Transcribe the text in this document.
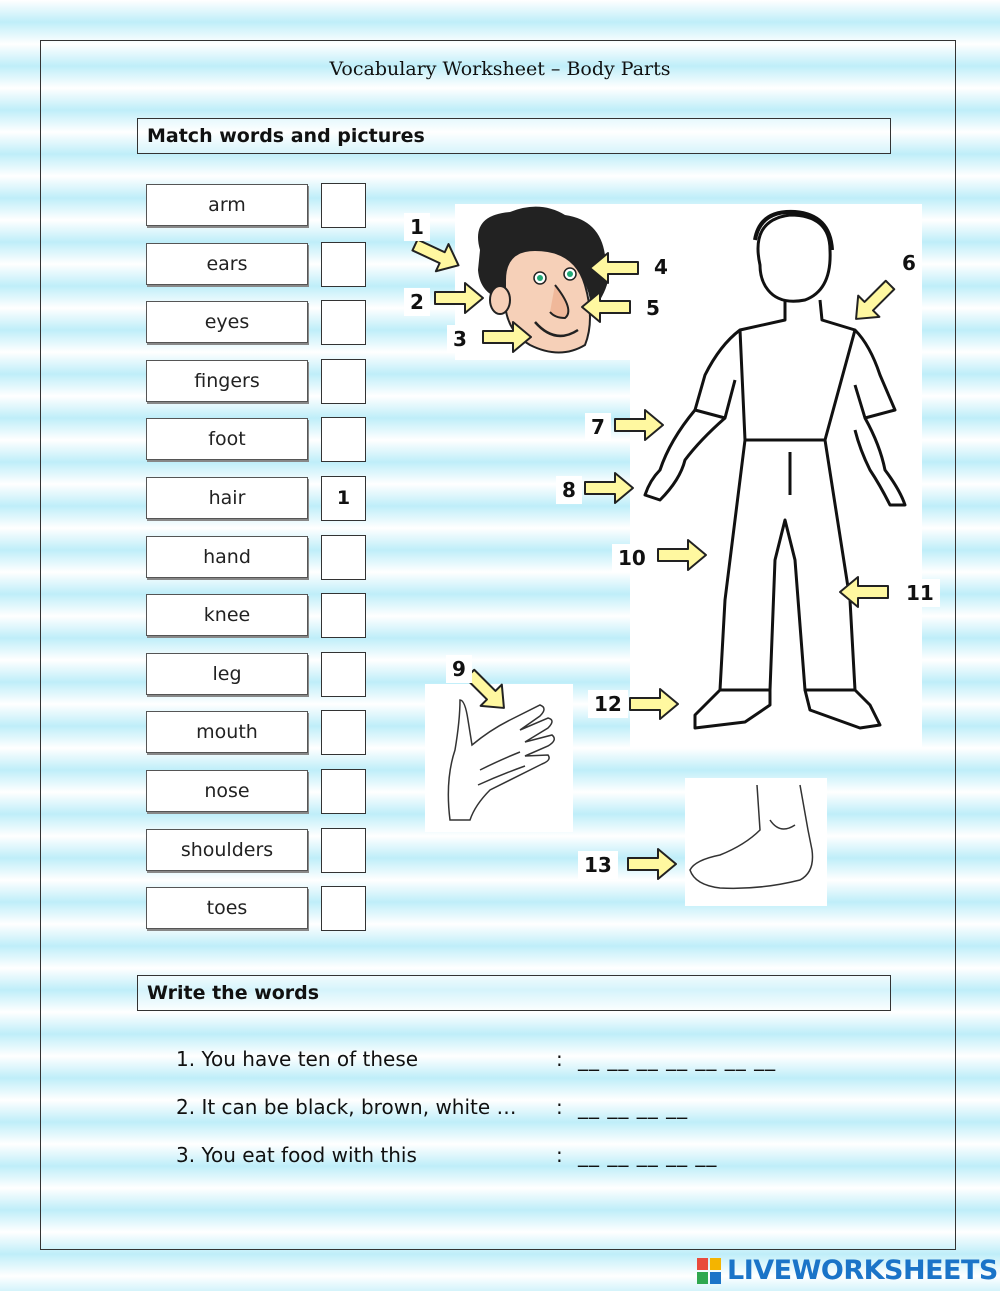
Vocabulary Worksheet – Body Parts
Match words and pictures
arm
ears
eyes
fingers
foot
hair	1
hand
knee
leg
mouth
nose
shoulders
toes
1
2
3
4
5
6
7
8
9
10
11
12
13
Write the words
1. You have ten of these	: __ __ __ __ __ __ __
2. It can be black, brown, white … : __ __ __ __
3. You eat food with this	: __ __ __ __ __
LIVEWORKSHEETS
